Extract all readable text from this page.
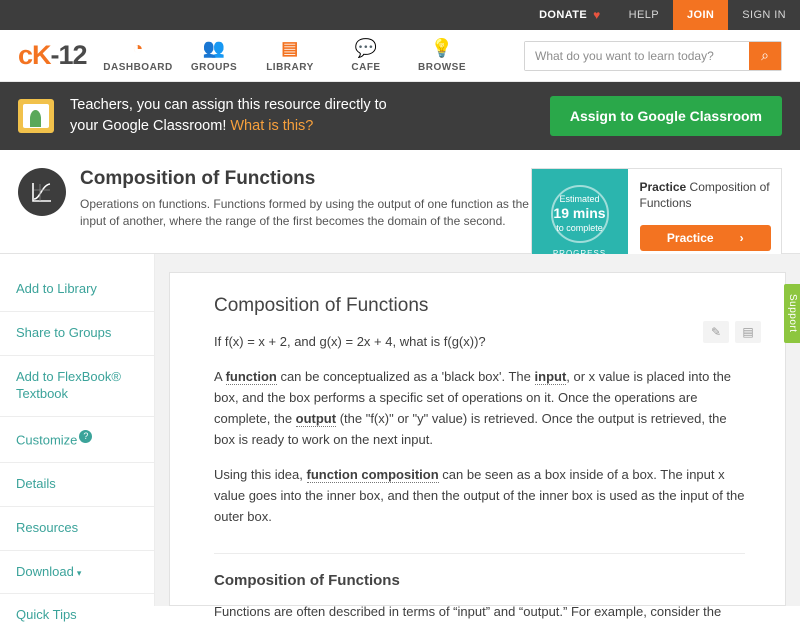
DONATE ♥	HELP	JOIN	SIGN IN
cK-12	◔
DASHBOARD
👥
GROUPS
▤
LIBRARY
💬
CAFE
💡
BROWSE
What do you want to learn today?
⌕
Teachers, you can assign this resource directly to
your Google Classroom! What is this?
Assign to Google Classroom
Composition of Functions
Operations on functions. Functions formed by using the output of one function as the input of another, where the range of the first becomes the domain of the second.
Estimated
19 mins
to complete
Practice Composition of Functions
Practice ›
Add to Library
Share to Groups
Add to FlexBook® Textbook
Customize ?
Details
Resources
Download ▾
Quick Tips
✎	▤
Composition of Functions

If f(x) = x + 2, and g(x) = 2x + 4, what is f(g(x))?

A function can be conceptualized as a 'black box'. The input, or x value is placed into the box, and the box performs a specific set of operations on it. Once the operations are complete, the output (the "f(x)" or "y" value) is retrieved. Once the output is retrieved, the box is ready to work on the next input.

Using this idea, function composition can be seen as a box inside of a box. The input x value goes into the inner box, and then the output of the inner box is used as the input of the outer box.

Composition of Functions

Functions are often described in terms of “input” and “output.” For example, consider the

Support
